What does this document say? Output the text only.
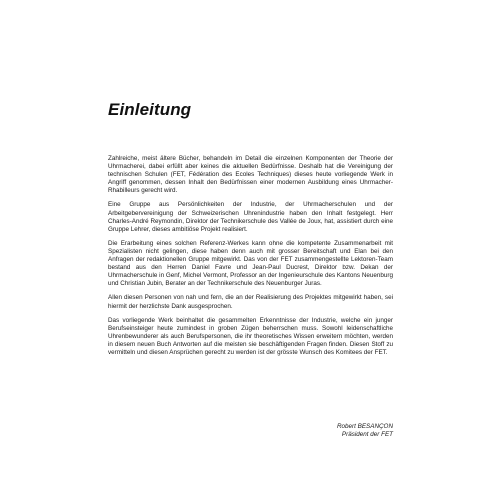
Einleitung

Zahlreiche, meist ältere Bücher, behandeln im Detail die einzelnen Komponenten der Theorie der Uhrmacherei, dabei erfüllt aber keines die aktuellen Bedürfnisse. Deshalb hat die Vereinigung der technischen Schulen (FET, Fédération des Ecoles Techniques) dieses heute vorliegende Werk in Angriff genommen, dessen Inhalt den Bedürfnissen einer modernen Ausbildung eines Uhrmacher-Rhabilleurs gerecht wird.

Eine Gruppe aus Persönlichkeiten der Industrie, der Uhrmacherschulen und der Arbeitgebervereinigung der Schweizerischen Uhrenindustrie haben den Inhalt festgelegt. Herr Charles-André Reymondin, Direktor der Technikerschule des Vallée de Joux, hat, assistiert durch eine Gruppe Lehrer, dieses ambitiöse Projekt realisiert.

Die Erarbeitung eines solchen Referenz-Werkes kann ohne die kompetente Zusammenarbeit mit Spezialisten nicht gelingen, diese haben denn auch mit grosser Bereitschaft und Elan bei den Anfragen der redaktionellen Gruppe mitgewirkt. Das von der FET zusammengestellte Lektoren-Team bestand aus den Herren Daniel Favre und Jean-Paul Ducrest, Direktor bzw. Dekan der Uhrmacherschule in Genf, Michel Vermont, Professor an der Ingenieurschule des Kantons Neuenburg und Christian Jubin, Berater an der Technikerschule des Neuenburger Juras.

Allen diesen Personen von nah und fern, die an der Realisierung des Projektes mitgewirkt haben, sei hiermit der herzlichste Dank ausgesprochen.

Das vorliegende Werk beinhaltet die gesammelten Erkenntnisse der Industrie, welche ein junger Berufseinsteiger heute zumindest in groben Zügen beherrschen muss. Sowohl leidenschaftliche Uhrenbewunderer als auch Berufspersonen, die ihr theoretisches Wissen erweitern möchten, werden in diesem neuen Buch Antworten auf die meisten sie beschäftigenden Fragen finden. Diesen Stoff zu vermitteln und diesen Ansprüchen gerecht zu werden ist der grösste Wunsch des Komitees der FET.

Robert BESANÇON
Präsident der FET
